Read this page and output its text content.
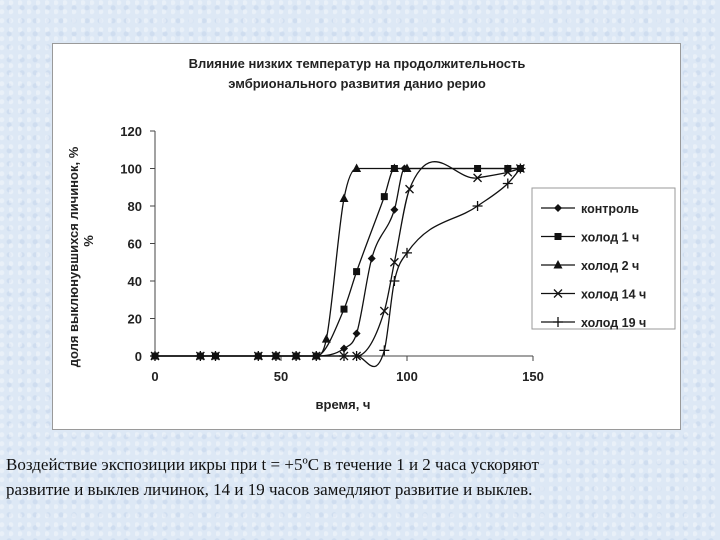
Влияние низких температур на продолжительность
эмбрионального развития данио рерио
0
20
40
60
80
100
120
0	50	100	150
время, ч
доля выклюнувшихся личинок, % %
контроль
холод 1 ч
холод 2 ч
холод 14 ч
холод 19 ч
Воздействие экспозиции икры при t = +5ºС в течение 1 и 2 часа ускоряют
развитие и выклев личинок, 14 и 19 часов замедляют развитие и выклев.
